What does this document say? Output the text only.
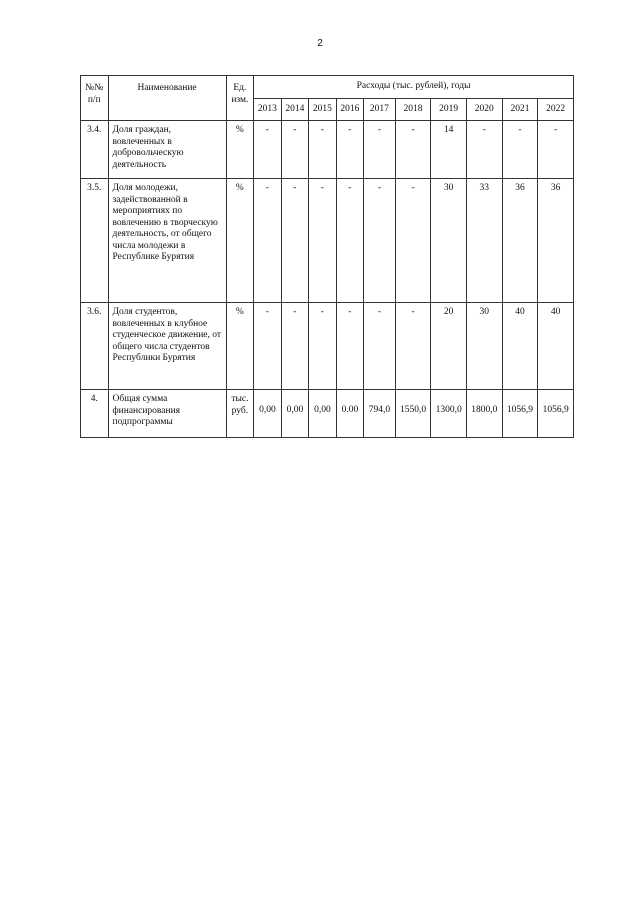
2
№№ п/п	Наименование	Ед. изм.	Расходы (тыс. рублей), годы									
			2013	2014	2015	2016	2017	2018	2019	2020	2021	2022
3.4.	Доля граждан, вовлеченных в добровольческую деятельность	%	-	-	-	-	-	-	14	-	-	-
3.5.	Доля молодежи, задействованной в мероприятиях по вовлечению в творческую деятельность, от общего числа молодежи в Республике Бурятия	%	-	-	-	-	-	-	30	33	36	36
3.6.	Доля студентов, вовлеченных в клубное студенческое движение, от общего числа студентов Республики Бурятия	%	-	-	-	-	-	-	20	30	40	40
4.	Общая сумма финансирования подпрограммы	тыс. руб.	0,00	0,00	0,00	0.00	794,0	1550,0	1300,0	1800,0	1056,9	1056,9
